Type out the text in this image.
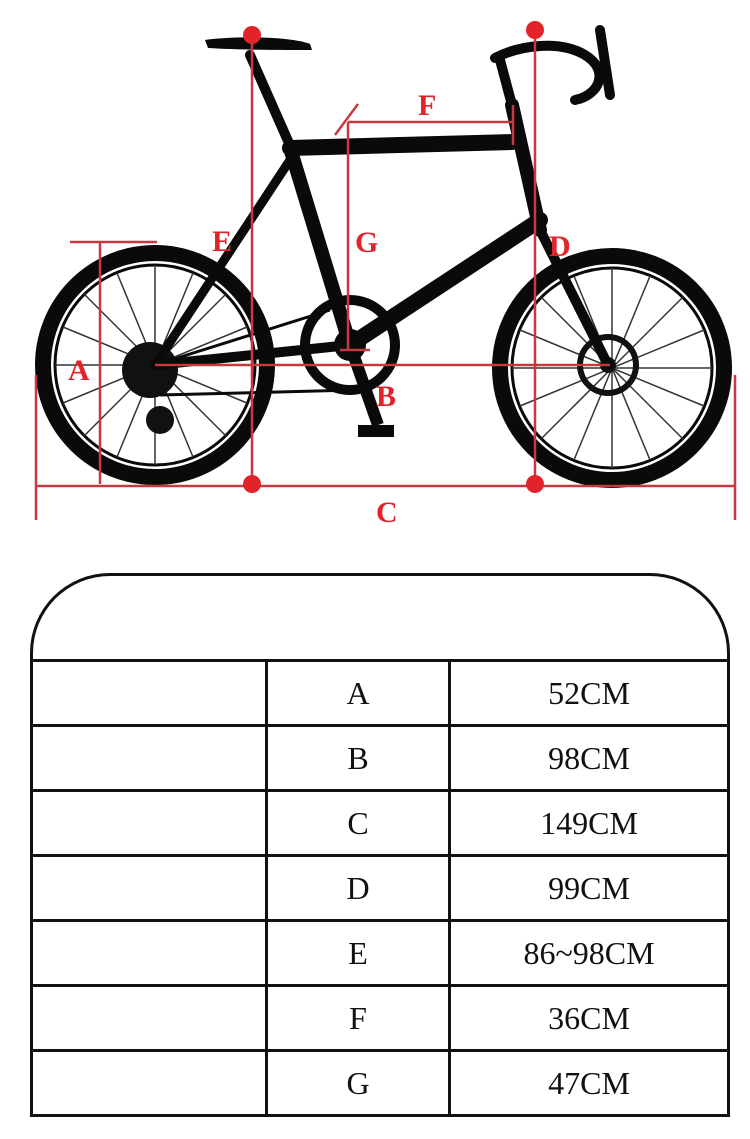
A
B
C
D
E
F
G
A	52CM
B	98CM
C	149CM
D	99CM
E	86~98CM
F	36CM
G	47CM
